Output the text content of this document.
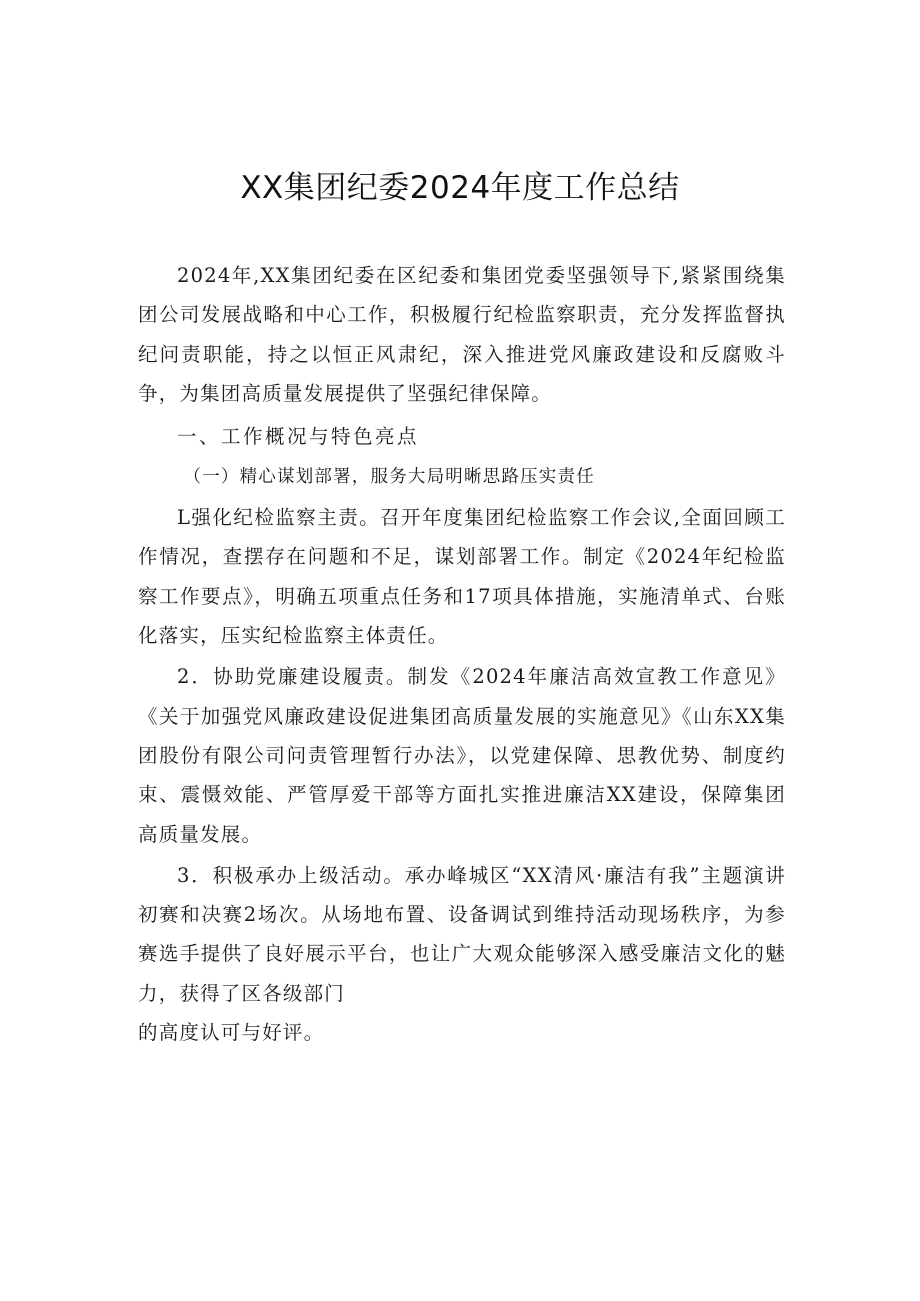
XX集团纪委2024年度工作总结

2024年,XX集团纪委在区纪委和集团党委坚强领导下,紧紧围绕集团公司发展战略和中心工作，积极履行纪检监察职责，充分发挥监督执纪问责职能，持之以恒正风肃纪，深入推进党风廉政建设和反腐败斗争，为集团高质量发展提供了坚强纪律保障。

一、工作概况与特色亮点

（一）精心谋划部署，服务大局明晰思路压实责任

L强化纪检监察主责。召开年度集团纪检监察工作会议,全面回顾工作情况，查摆存在问题和不足，谋划部署工作。制定《2024年纪检监察工作要点》，明确五项重点任务和17项具体措施，实施清单式、台账化落实，压实纪检监察主体责任。

2．协助党廉建设履责。制发《2024年廉洁高效宣教工作意见》《关于加强党风廉政建设促进集团高质量发展的实施意见》《山东XX集团股份有限公司问责管理暂行办法》，以党建保障、思教优势、制度约束、震慑效能、严管厚爱干部等方面扎实推进廉洁XX建设，保障集团高质量发展。

3．积极承办上级活动。承办峰城区“XX清风·廉洁有我”主题演讲初赛和决赛2场次。从场地布置、设备调试到维持活动现场秩序，为参赛选手提供了良好展示平台，也让广大观众能够深入感受廉洁文化的魅力，获得了区各级部门

的高度认可与好评。
